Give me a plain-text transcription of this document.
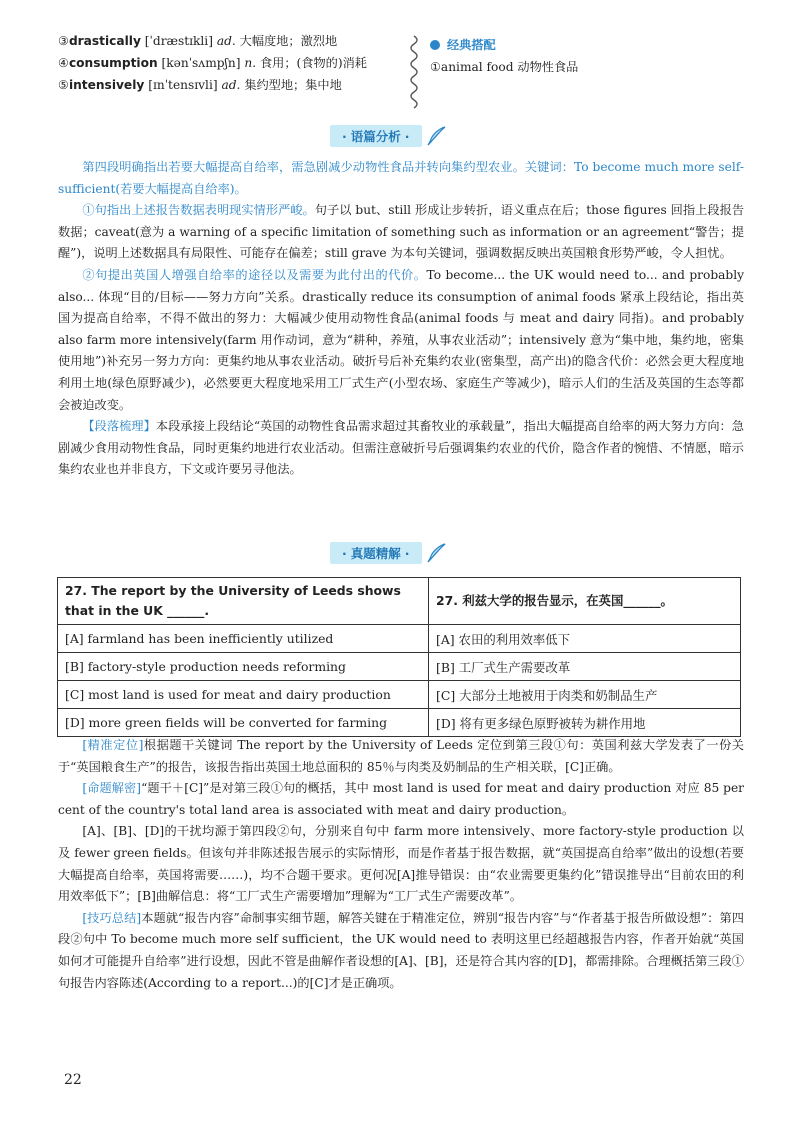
③drastically [ˈdræstɪkli] ad. 大幅度地；激烈地
④consumption [kənˈsʌmpʃn] n. 食用；(食物的)消耗
⑤intensively [ɪnˈtensɪvli] ad. 集约型地；集中地
经典搭配
①animal food 动物性食品
· 语篇分析 ·

第四段明确指出若要大幅提高自给率，需急剧减少动物性食品并转向集约型农业。关键词：To become much more self-sufficient(若要大幅提高自给率)。

①句指出上述报告数据表明现实情形严峻。句子以 but、still 形成让步转折，语义重点在后；those figures 回指上段报告数据；caveat(意为 a warning of a specific limitation of something such as information or an agreement“警告；提醒”)，说明上述数据具有局限性、可能存在偏差；still grave 为本句关键词，强调数据反映出英国粮食形势严峻，令人担忧。

②句提出英国人增强自给率的途径以及需要为此付出的代价。To become... the UK would need to... and probably also... 体现“目的/目标——努力方向”关系。drastically reduce its consumption of animal foods 紧承上段结论，指出英国为提高自给率，不得不做出的努力：大幅减少使用动物性食品(animal foods 与 meat and dairy 同指)。and probably also farm more intensively(farm 用作动词，意为“耕种，养殖，从事农业活动”；intensively 意为“集中地，集约地，密集使用地”)补充另一努力方向：更集约地从事农业活动。破折号后补充集约农业(密集型，高产出)的隐含代价：必然会更大程度地利用土地(绿色原野减少)，必然要更大程度地采用工厂式生产(小型农场、家庭生产等减少)，暗示人们的生活及英国的生态等都会被迫改变。

【段落梳理】本段承接上段结论“英国的动物性食品需求超过其畜牧业的承载量”，指出大幅提高自给率的两大努力方向：急剧减少食用动物性食品，同时更集约地进行农业活动。但需注意破折号后强调集约农业的代价，隐含作者的惋惜、不情愿，暗示集约农业也并非良方，下文或许要另寻他法。

· 真题精解 ·
27. The report by the University of Leeds shows that in the UK ______.	27. 利兹大学的报告显示，在英国______。
[A] farmland has been inefficiently utilized	[A] 农田的利用效率低下
[B] factory-style production needs reforming	[B] 工厂式生产需要改革
[C] most land is used for meat and dairy production	[C] 大部分土地被用于肉类和奶制品生产
[D] more green fields will be converted for farming	[D] 将有更多绿色原野被转为耕作用地

[精准定位]根据题干关键词 The report by the University of Leeds 定位到第三段①句：英国利兹大学发表了一份关于“英国粮食生产”的报告，该报告指出英国土地总面积的 85％与肉类及奶制品的生产相关联，[C]正确。

[命题解密]“题干＋[C]”是对第三段①句的概括，其中 most land is used for meat and dairy production 对应 85 per cent of the country's total land area is associated with meat and dairy production。

[A]、[B]、[D]的干扰均源于第四段②句，分别来自句中 farm more intensively、more factory-style production 以及 fewer green fields。但该句并非陈述报告展示的实际情形，而是作者基于报告数据，就“英国提高自给率”做出的设想(若要大幅提高自给率，英国将需要……)，均不合题干要求。更何况[A]推导错误：由“农业需要更集约化”错误推导出“目前农田的利用效率低下”；[B]曲解信息：将“工厂式生产需要增加”理解为“工厂式生产需要改革”。

[技巧总结]本题就“报告内容”命制事实细节题，解答关键在于精准定位，辨别“报告内容”与“作者基于报告所做设想”：第四段②句中 To become much more self sufficient，the UK would need to 表明这里已经超越报告内容，作者开始就“英国如何才可能提升自给率”进行设想，因此不管是曲解作者设想的[A]、[B]，还是符合其内容的[D]，都需排除。合理概括第三段①句报告内容陈述(According to a report...)的[C]才是正确项。

22
